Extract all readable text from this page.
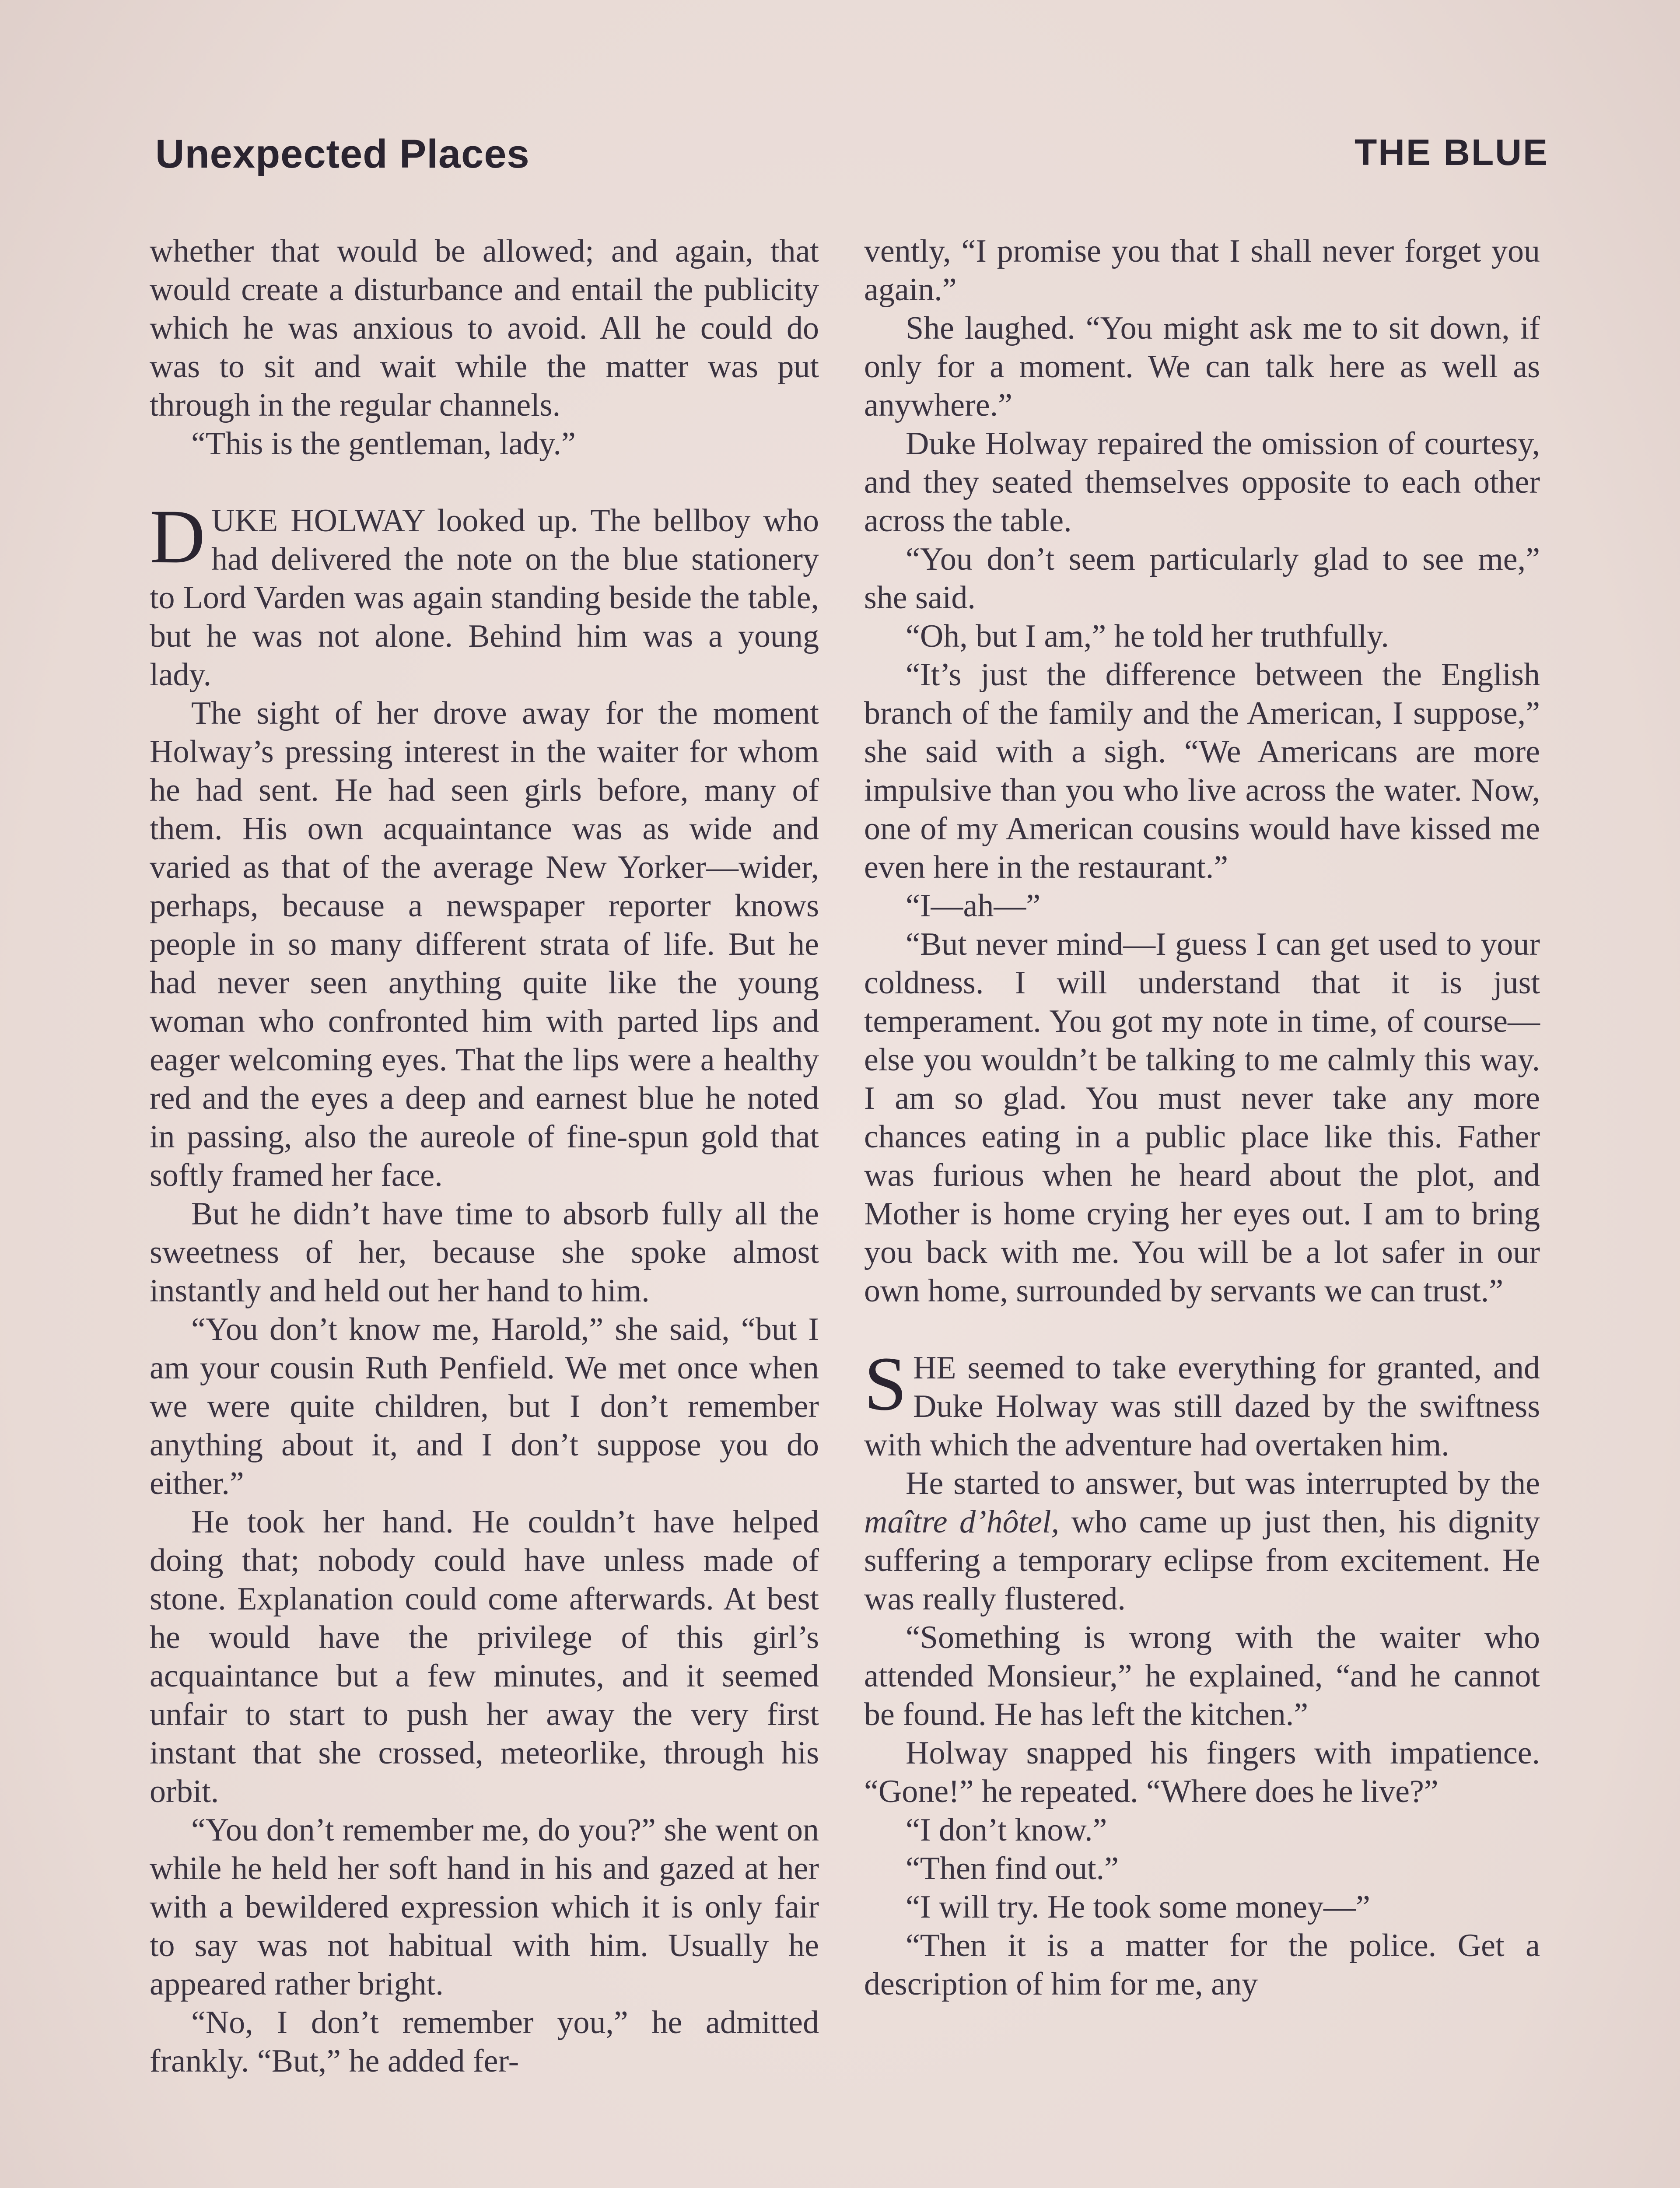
Unexpected Places	THE BLUE

whether that would be allowed; and again, that would create a disturbance and entail the publicity which he was anxious to avoid. All he could do was to sit and wait while the matter was put through in the regular channels.

“This is the gentleman, lady.”

DUKE HOLWAY looked up. The bellboy who had delivered the note on the blue stationery to Lord Varden was again standing beside the table, but he was not alone. Behind him was a young lady.

The sight of her drove away for the moment Holway’s pressing interest in the waiter for whom he had sent. He had seen girls before, many of them. His own acquaintance was as wide and varied as that of the average New Yorker—wider, perhaps, because a newspaper reporter knows people in so many different strata of life. But he had never seen anything quite like the young woman who confronted him with parted lips and eager welcoming eyes. That the lips were a healthy red and the eyes a deep and earnest blue he noted in passing, also the aureole of fine-spun gold that softly framed her face.

But he didn’t have time to absorb fully all the sweetness of her, because she spoke almost instantly and held out her hand to him.

“You don’t know me, Harold,” she said, “but I am your cousin Ruth Penfield. We met once when we were quite children, but I don’t remember anything about it, and I don’t suppose you do either.”

He took her hand. He couldn’t have helped doing that; nobody could have unless made of stone. Explanation could come afterwards. At best he would have the privilege of this girl’s acquaintance but a few minutes, and it seemed unfair to start to push her away the very first instant that she crossed, meteorlike, through his orbit.

“You don’t remember me, do you?” she went on while he held her soft hand in his and gazed at her with a bewildered expression which it is only fair to say was not habitual with him. Usually he appeared rather bright.

“No, I don’t remember you,” he admitted frankly. “But,” he added fer-

vently, “I promise you that I shall never forget you again.”

She laughed. “You might ask me to sit down, if only for a moment. We can talk here as well as anywhere.”

Duke Holway repaired the omission of courtesy, and they seated themselves opposite to each other across the table.

“You don’t seem particularly glad to see me,” she said.

“Oh, but I am,” he told her truthfully.

“It’s just the difference between the English branch of the family and the American, I suppose,” she said with a sigh. “We Americans are more impulsive than you who live across the water. Now, one of my American cousins would have kissed me even here in the restaurant.”

“I—ah—”

“But never mind—I guess I can get used to your coldness. I will understand that it is just temperament. You got my note in time, of course—else you wouldn’t be talking to me calmly this way. I am so glad. You must never take any more chances eating in a public place like this. Father was furious when he heard about the plot, and Mother is home crying her eyes out. I am to bring you back with me. You will be a lot safer in our own home, surrounded by servants we can trust.”

SHE seemed to take everything for granted, and Duke Holway was still dazed by the swiftness with which the adventure had overtaken him.

He started to answer, but was interrupted by the maître d’hôtel, who came up just then, his dignity suffering a temporary eclipse from excitement. He was really flustered.

“Something is wrong with the waiter who attended Monsieur,” he explained, “and he cannot be found. He has left the kitchen.”

Holway snapped his fingers with impatience. “Gone!” he repeated. “Where does he live?”

“I don’t know.”

“Then find out.”

“I will try. He took some money—”

“Then it is a matter for the police. Get a description of him for me, any
